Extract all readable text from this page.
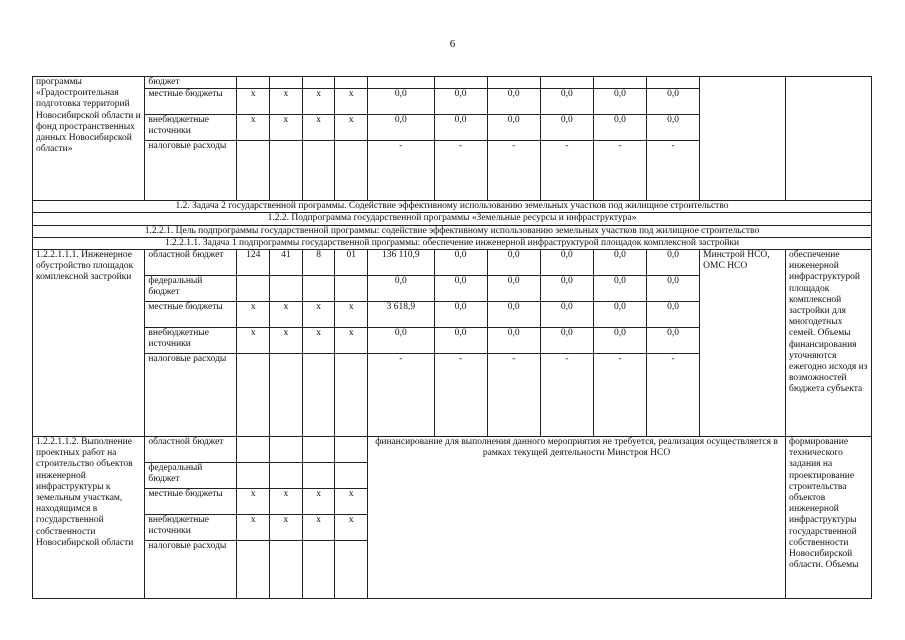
6
программы «Градостроительная подготовка территорий Новосибирской области и фонд пространственных данных Новосибирской области»	бюджет												
	местные бюджеты	х	х	х	х	0,0	0,0	0,0	0,0	0,0	0,0		
	внебюджетные источники	х	х	х	х	0,0	0,0	0,0	0,0	0,0	0,0		
	налоговые расходы					-	-	-	-	-	-		
1.2. Задача 2 государственной программы. Содействие эффективному использованию земельных участков под жилищное строительство													
1.2.2. Подпрограмма государственной программы «Земельные ресурсы и инфраструктура»													
1.2.2.1. Цель подпрограммы государственной программы: содействие эффективному использованию земельных участков под жилищное строительство													
1.2.2.1.1. Задача 1 подпрограммы государственной программы: обеспечение инженерной инфраструктурой площадок комплексной застройки													
1.2.2.1.1.1. Инженерное обустройство площадок комплексной застройки	областной бюджет	124	41	8	01	136 110,9	0,0	0,0	0,0	0,0	0,0	Минстрой НСО, ОМС НСО	обеспечение инженерной инфраструктурой площадок комплексной застройки для многодетных семей. Объемы финансирования уточняются ежегодно исходя из возможностей бюджета субъекта
	федеральный бюджет					0,0	0,0	0,0	0,0	0,0	0,0		
	местные бюджеты	х	х	х	х	3 618,9	0,0	0,0	0,0	0,0	0,0		
	внебюджетные источники	х	х	х	х	0,0	0,0	0,0	0,0	0,0	0,0		
	налоговые расходы					-	-	-	-	-	-		
1.2.2.1.1.2. Выполнение проектных работ на строительство объектов инженерной инфраструктуры к земельным участкам, находящимся в государственной собственности Новосибирской области	областной бюджет					финансирование для выполнения данного мероприятия не требуется, реализация осуществляется в рамках текущей деятельности Минстроя НСО							формирование технического задания на проектирование строительства объектов инженерной инфраструктуры государственной собственности Новосибирской области. Объемы
	федеральный бюджет												
	местные бюджеты	х	х	х	х								
	внебюджетные источники	х	х	х	х								
	налоговые расходы												
